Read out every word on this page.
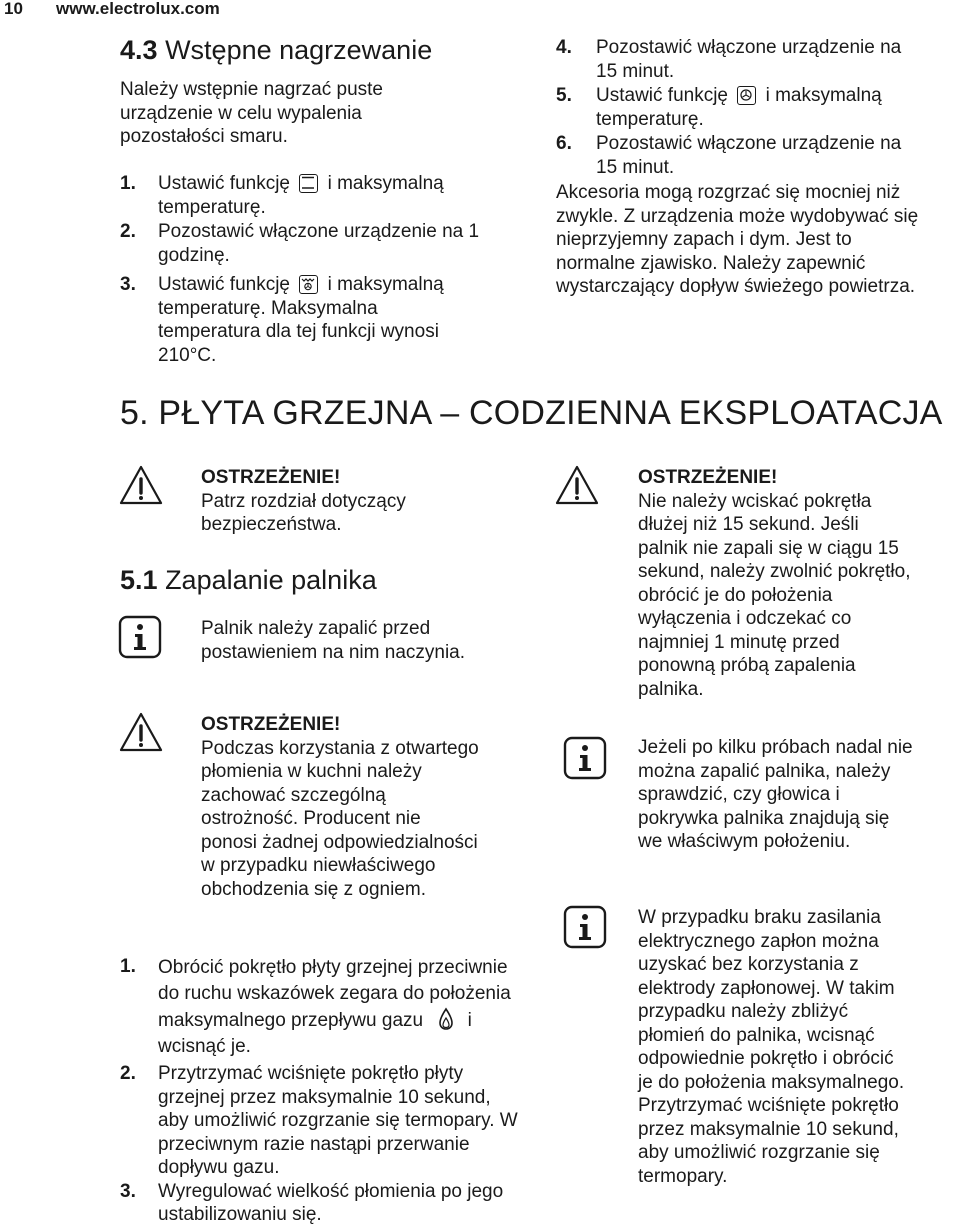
10 www.electrolux.com
4.3 Wstępne nagrzewanie
Należy wstępnie nagrzać puste urządzenie w celu wypalenia pozostałości smaru.
1.	Ustawić funkcję i maksymalną temperaturę.
2.	Pozostawić włączone urządzenie na 1 godzinę.
3.	Ustawić funkcję i maksymalną temperaturę. Maksymalna temperatura dla tej funkcji wynosi 210°C.
4.	Pozostawić włączone urządzenie na 15 minut.
5.	Ustawić funkcję i maksymalną temperaturę.
6.	Pozostawić włączone urządzenie na 15 minut.
Akcesoria mogą rozgrzać się mocniej niż zwykle. Z urządzenia może wydobywać się nieprzyjemny zapach i dym. Jest to normalne zjawisko. Należy zapewnić wystarczający dopływ świeżego powietrza.
5. PŁYTA GRZEJNA – CODZIENNA EKSPLOATACJA
OSTRZEŻENIE!
Patrz rozdział dotyczący bezpieczeństwa.
5.1 Zapalanie palnika
Palnik należy zapalić przed postawieniem na nim naczynia.
OSTRZEŻENIE!
Podczas korzystania z otwartego płomienia w kuchni należy zachować szczególną ostrożność. Producent nie ponosi żadnej odpowiedzialności w przypadku niewłaściwego obchodzenia się z ogniem.
1.	Obrócić pokrętło płyty grzejnej przeciwnie do ruchu wskazówek zegara do położenia maksymalnego przepływu gazu i wcisnąć je.
2.	Przytrzymać wciśnięte pokrętło płyty grzejnej przez maksymalnie 10 sekund, aby umożliwić rozgrzanie się termopary. W przeciwnym razie nastąpi przerwanie dopływu gazu.
3.	Wyregulować wielkość płomienia po jego ustabilizowaniu się.
OSTRZEŻENIE!
Nie należy wciskać pokrętła dłużej niż 15 sekund. Jeśli palnik nie zapali się w ciągu 15 sekund, należy zwolnić pokrętło, obrócić je do położenia wyłączenia i odczekać co najmniej 1 minutę przed ponowną próbą zapalenia palnika.
Jeżeli po kilku próbach nadal nie można zapalić palnika, należy sprawdzić, czy głowica i pokrywka palnika znajdują się we właściwym położeniu.
W przypadku braku zasilania elektrycznego zapłon można uzyskać bez korzystania z elektrody zapłonowej. W takim przypadku należy zbliżyć płomień do palnika, wcisnąć odpowiednie pokrętło i obrócić je do położenia maksymalnego. Przytrzymać wciśnięte pokrętło przez maksymalnie 10 sekund, aby umożliwić rozgrzanie się termopary.
